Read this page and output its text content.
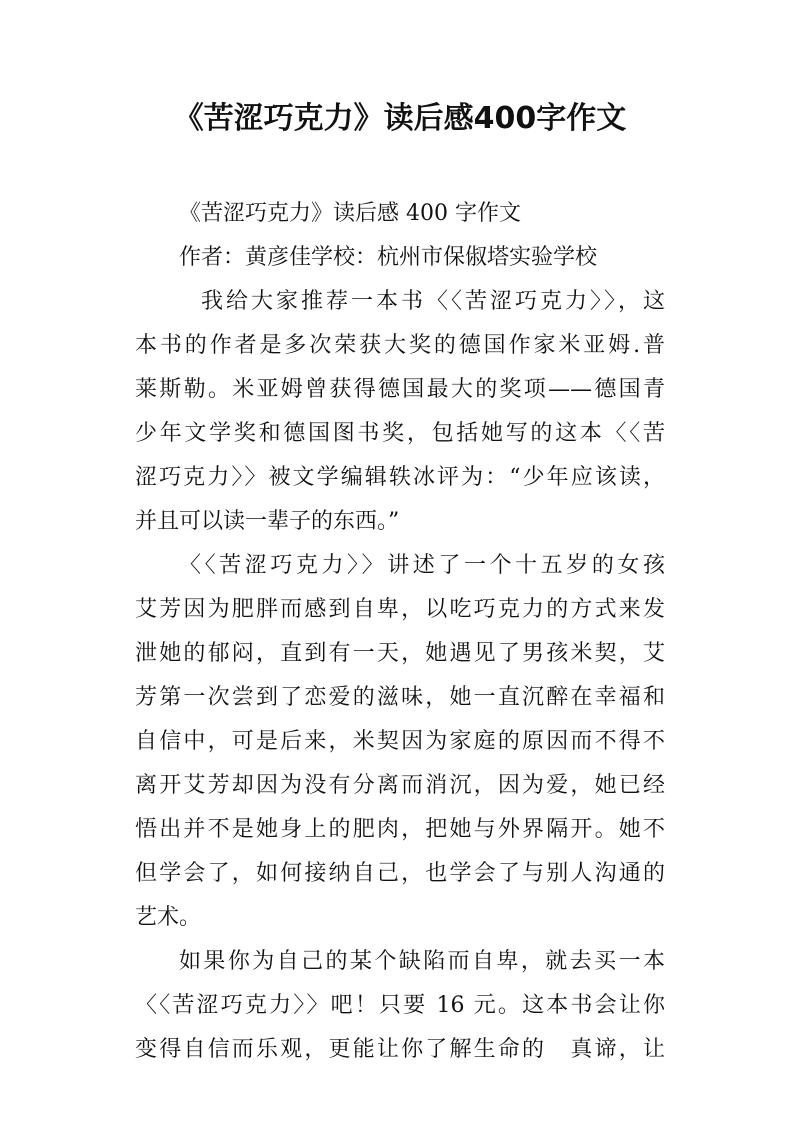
《苦涩巧克力》读后感400字作文
《苦涩巧克力》读后感 400 字作文
作者：黄彦佳学校：杭州市保俶塔实验学校
我给大家推荐一本书〈〈苦涩巧克力〉〉，这
本书的作者是多次荣获大奖的德国作家米亚姆.普
莱斯勒。米亚姆曾获得德国最大的奖项——德国青
少年文学奖和德国图书奖，包括她写的这本〈〈苦
涩巧克力〉〉被文学编辑轶冰评为：“少年应该读，
并且可以读一辈子的东西。”
〈〈苦涩巧克力〉〉讲述了一个十五岁的女孩
艾芳因为肥胖而感到自卑，以吃巧克力的方式来发
泄她的郁闷，直到有一天，她遇见了男孩米契，艾
芳第一次尝到了恋爱的滋味，她一直沉醉在幸福和
自信中，可是后来，米契因为家庭的原因而不得不
离开艾芳却因为没有分离而消沉，因为爱，她已经
悟出并不是她身上的肥肉，把她与外界隔开。她不
但学会了，如何接纳自己，也学会了与别人沟通的
艺术。
如果你为自己的某个缺陷而自卑，就去买一本
〈〈苦涩巧克力〉〉吧！只要 16 元。这本书会让你
变得自信而乐观，更能让你了解生命的　真谛，让
